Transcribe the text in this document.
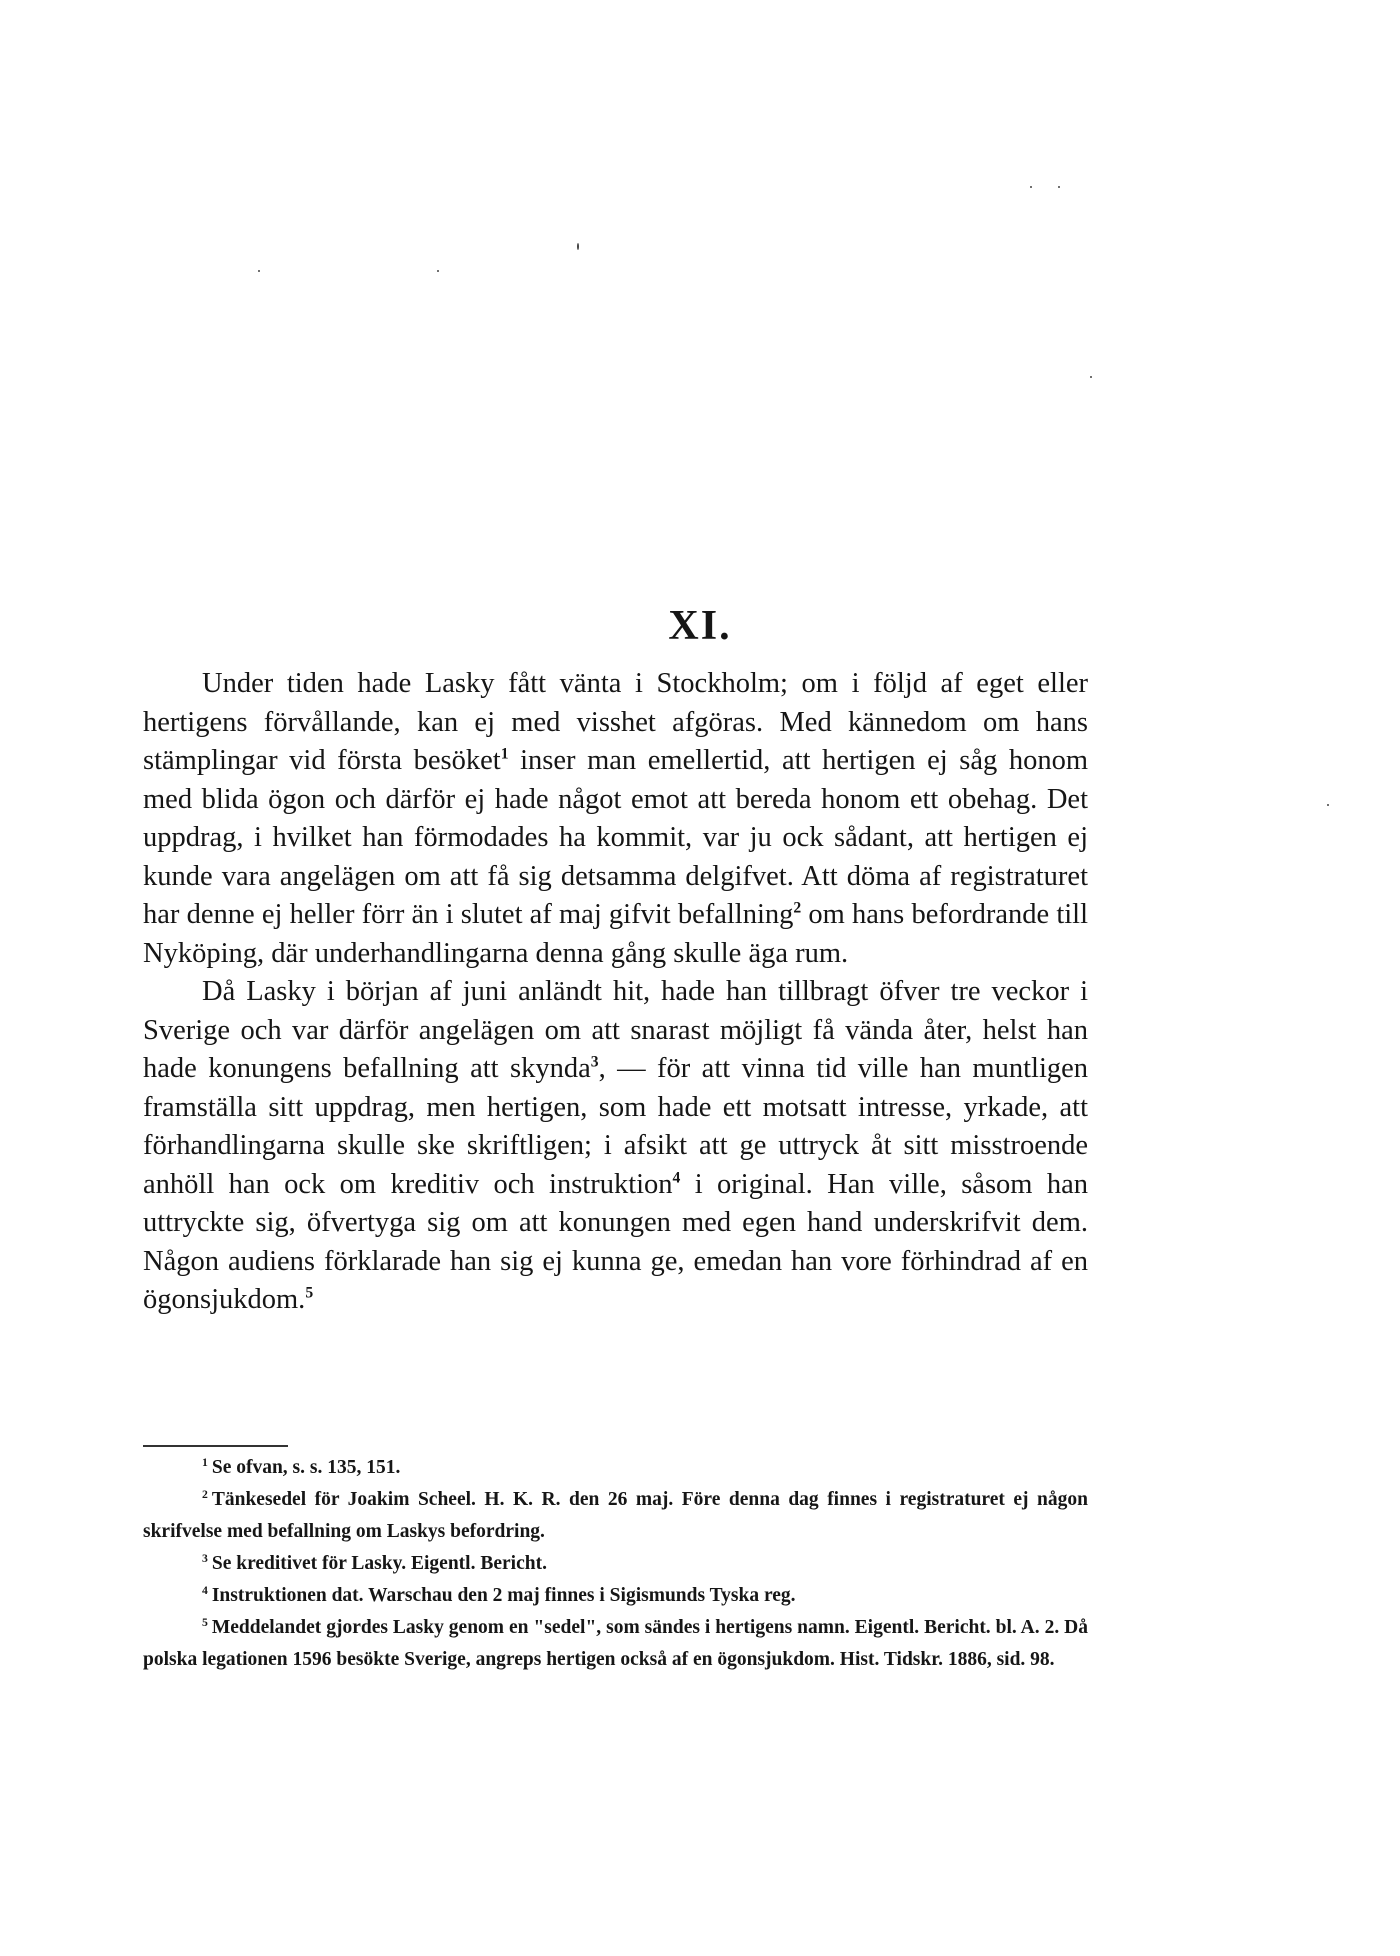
XI.

Under tiden hade Lasky fått vänta i Stockholm; om i följd af eget eller hertigens förvållande, kan ej med visshet afgöras. Med kännedom om hans stämplingar vid första besöket$^1$ inser man emellertid, att hertigen ej såg honom med blida ögon och därför ej hade något emot att bereda honom ett obehag. Det uppdrag, i hvilket han förmodades ha kommit, var ju ock sådant, att hertigen ej kunde vara angelägen om att få sig detsamma delgifvet. Att döma af registraturet har denne ej heller förr än i slutet af maj gifvit befallning$^2$ om hans befordrande till Nyköping, där underhandlingarna denna gång skulle äga rum.

Då Lasky i början af juni anländt hit, hade han tillbragt öfver tre veckor i Sverige och var därför angelägen om att snarast möjligt få vända åter, helst han hade konungens befallning att skynda$^3$, — för att vinna tid ville han muntligen framställa sitt uppdrag, men hertigen, som hade ett motsatt intresse, yrkade, att förhandlingarna skulle ske skriftligen; i afsikt att ge uttryck åt sitt misstroende anhöll han ock om kreditiv och instruktion$^4$ i original. Han ville, såsom han uttryckte sig, öfvertyga sig om att konungen med egen hand underskrifvit dem. Någon audiens förklarade han sig ej kunna ge, emedan han vore förhindrad af en ögonsjukdom.$^5$

$^1$ Se ofvan, s. s. 135, 151.

$^2$ Tänkesedel för Joakim Scheel. H. K. R. den 26 maj. Före denna dag finnes i registraturet ej någon skrifvelse med befallning om Laskys befordring.

$^3$ Se kreditivet för Lasky. Eigentl. Bericht.

$^4$ Instruktionen dat. Warschau den 2 maj finnes i Sigismunds Tyska reg.

$^5$ Meddelandet gjordes Lasky genom en "sedel", som sändes i hertigens namn. Eigentl. Bericht. bl. A. 2. Då polska legationen 1596 besökte Sverige, angreps hertigen också af en ögonsjukdom. Hist. Tidskr. 1886, sid. 98.
